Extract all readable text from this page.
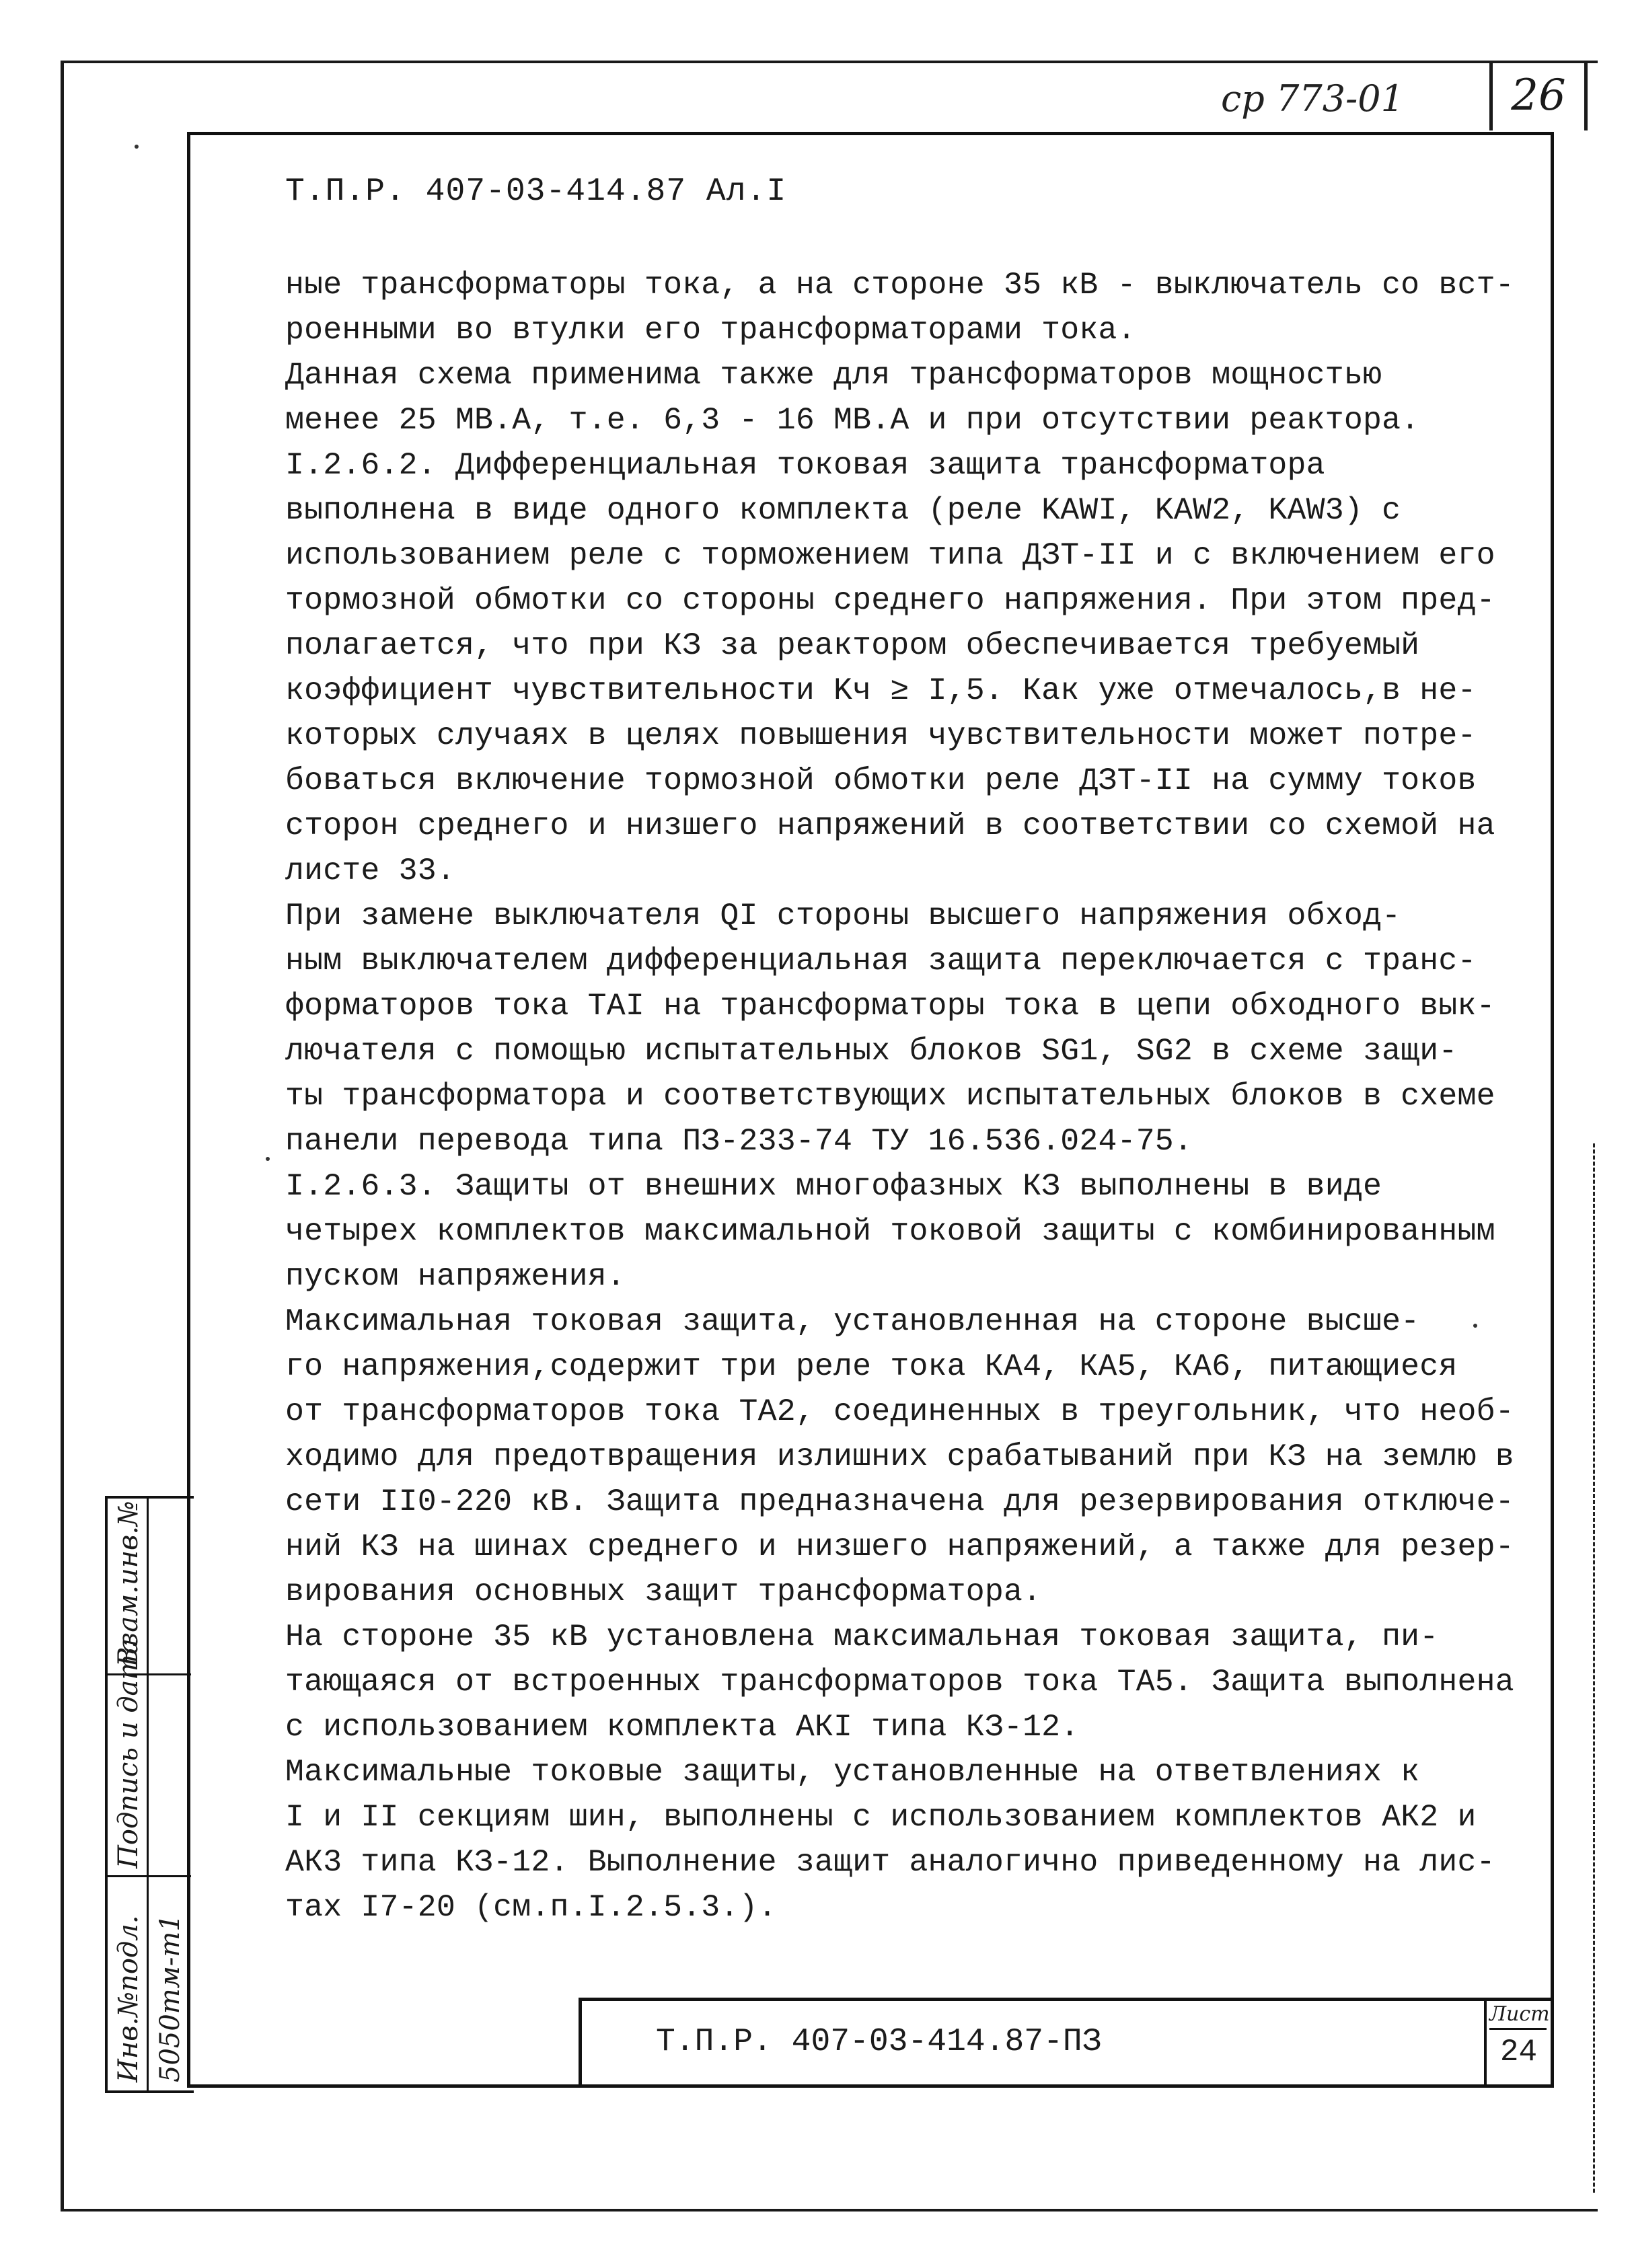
ср 773-01 26
Т.П.Р. 407-03-414.87 Ал.I
ные трансформаторы тока, а на стороне 35 кВ - выключатель со вст-
роенными во втулки его трансформаторами тока.
Данная схема применима также для трансформаторов мощностью
менее 25 МВ.А, т.е. 6,3 - 16 МВ.А и при отсутствии реактора.
I.2.6.2. Дифференциальная токовая защита трансформатора
выполнена в виде одного комплекта (реле KAWI, KAW2, KAW3) с
использованием реле с торможением типа ДЗТ-II и с включением его
тормозной обмотки со стороны среднего напряжения. При этом пред-
полагается, что при КЗ за реактором обеспечивается требуемый
коэффициент чувствительности Kч ≥ I,5. Как уже отмечалось,в не-
которых случаях в целях повышения чувствительности может потре-
боваться включение тормозной обмотки реле ДЗТ-II на сумму токов
сторон среднего и низшего напряжений в соответствии со схемой на
листе 33.
При замене выключателя QI стороны высшего напряжения обход-
ным выключателем дифференциальная защита переключается с транс-
форматоров тока TAI на трансформаторы тока в цепи обходного вык-
лючателя с помощью испытательных блоков SG1, SG2 в схеме защи-
ты трансформатора и соответствующих испытательных блоков в схеме
панели перевода типа ПЗ-233-74 ТУ 16.536.024-75.
I.2.6.3. Защиты от внешних многофазных КЗ выполнены в виде
четырех комплектов максимальной токовой защиты с комбинированным
пуском напряжения.
Максимальная токовая защита, установленная на стороне высше-
го напряжения,содержит три реле тока КА4, КА5, КА6, питающиеся
от трансформаторов тока ТА2, соединенных в треугольник, что необ-
ходимо для предотвращения излишних срабатываний при КЗ на землю в
сети II0-220 кВ. Защита предназначена для резервирования отключе-
ний КЗ на шинах среднего и низшего напряжений, а также для резер-
вирования основных защит трансформатора.
На стороне 35 кВ установлена максимальная токовая защита, пи-
тающаяся от встроенных трансформаторов тока ТА5. Защита выполнена
с использованием комплекта АКI типа КЗ-12.
Максимальные токовые защиты, установленные на ответвлениях к
I и II секциям шин, выполнены с использованием комплектов АК2 и
АК3 типа КЗ-12. Выполнение защит аналогично приведенному на лис-
тах I7-20 (см.п.I.2.5.3.).
Взам.инв.№
Подпись и дата
Инв.№подл. 5050тм-т1	Т.П.Р. 407-03-414.87-ПЗ
Лист
24
